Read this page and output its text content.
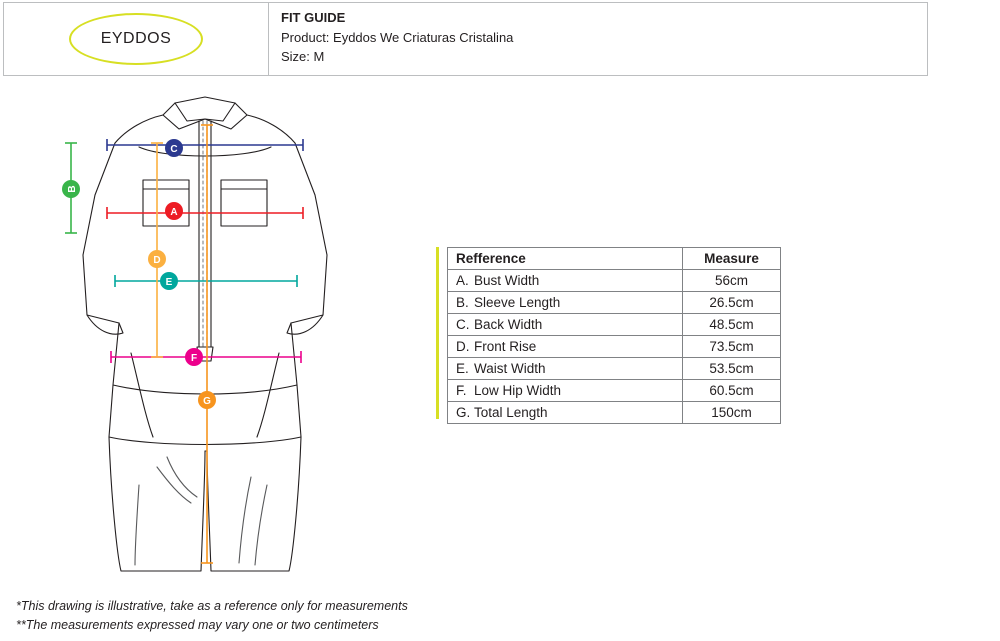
EYDDOS
FIT GUIDE
Product: Eyddos We Criaturas Cristalina
Size: M
C
A
B
D
E
F
G
Refference	Measure
A. Bust Width	56cm
B. Sleeve Length	26.5cm
C. Back Width	48.5cm
D. Front Rise	73.5cm
E. Waist Width	53.5cm
F. Low Hip Width	60.5cm
G. Total Length	150cm
*This drawing is illustrative, take as a reference only for measurements
**The measurements expressed may vary one or two centimeters
